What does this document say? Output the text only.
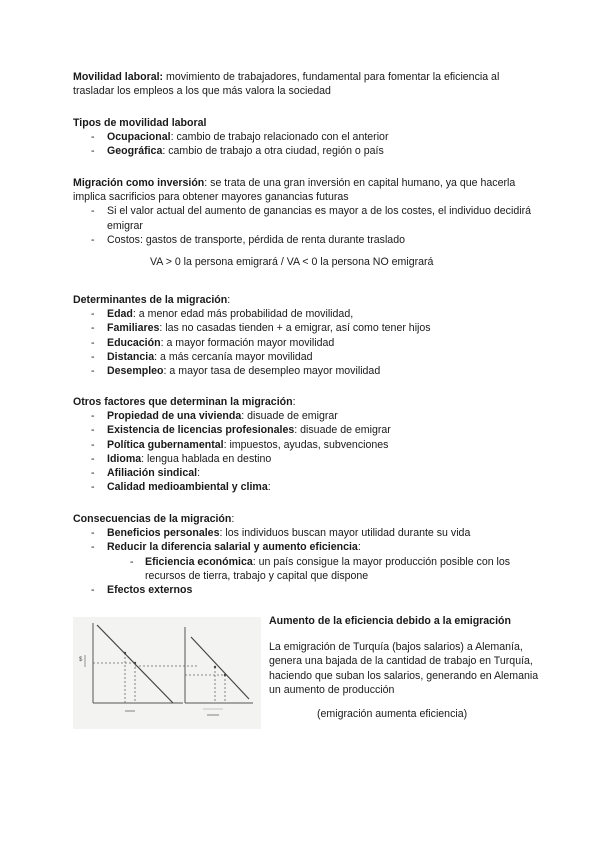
Movilidad laboral: movimiento de trabajadores, fundamental para fomentar la eficiencia al trasladar los empleos a los que más valora la sociedad

Tipos de movilidad laboral

- Ocupacional: cambio de trabajo relacionado con el anterior
- Geográfica: cambio de trabajo a otra ciudad, región o país

Migración como inversión: se trata de una gran inversión en capital humano, ya que hacerla implica sacrificios para obtener mayores ganancias futuras

- Si el valor actual del aumento de ganancias es mayor a de los costes, el individuo decidirá emigrar
- Costos: gastos de transporte, pérdida de renta durante traslado

VA > 0 la persona emigrará / VA < 0 la persona NO emigrará

Determinantes de la migración:

- Edad: a menor edad más probabilidad de movilidad,
- Familiares: las no casadas tienden + a emigrar, así como tener hijos
- Educación: a mayor formación mayor movilidad
- Distancia: a más cercanía mayor movilidad
- Desempleo: a mayor tasa de desempleo mayor movilidad

Otros factores que determinan la migración:

- Propiedad de una vivienda: disuade de emigrar
- Existencia de licencias profesionales: disuade de emigrar
- Política gubernamental: impuestos, ayudas, subvenciones
- Idioma: lengua hablada en destino
- Afiliación sindical:
- Calidad medioambiental y clima:

Consecuencias de la migración:

- Beneficios personales: los individuos buscan mayor utilidad durante su vida
- Reducir la diferencia salarial y aumento eficiencia:
- Eficiencia económica: un país consigue la mayor producción posible con los recursos de tierra, trabajo y capital que dispone
- Efectos externos
$

Aumento de la eficiencia debido a la emigración

La emigración de Turquía (bajos salarios) a Alemanía, genera una bajada de la cantidad de trabajo en Turquía, haciendo que suban los salarios, generando en Alemania un aumento de producción

(emigración aumenta eficiencia)
